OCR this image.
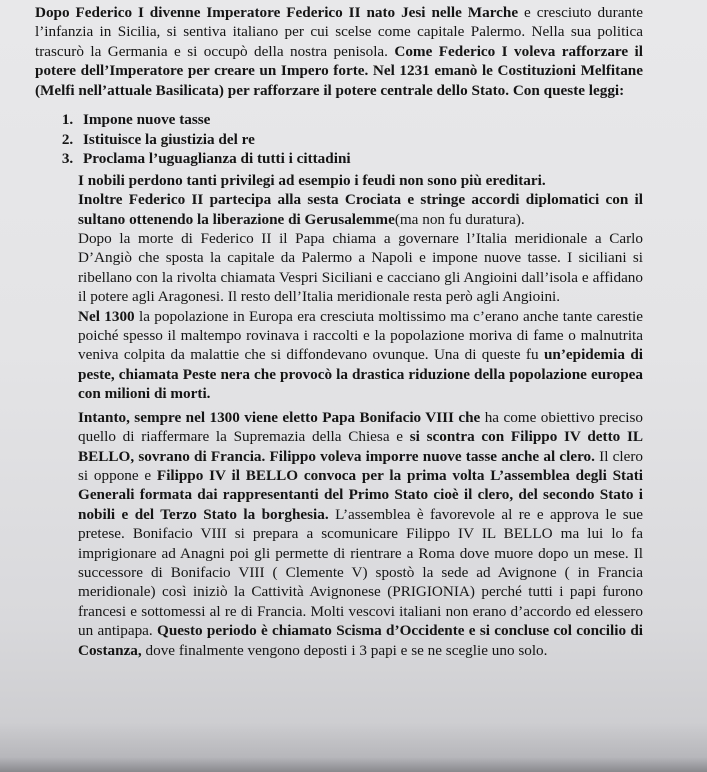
Dopo Federico I divenne Imperatore Federico II nato Jesi nelle Marche e cresciuto durante l’infanzia in Sicilia, si sentiva italiano per cui scelse come capitale Palermo. Nella sua politica trascurò la Germania e si occupò della nostra penisola. Come Federico I voleva rafforzare il potere dell’Imperatore per creare un Impero forte. Nel 1231 emanò le Costituzioni Melfitane (Melfi nell’attuale Basilicata) per rafforzare il potere centrale dello Stato. Con queste leggi:

1. Impone nuove tasse
2. Istituisce la giustizia del re
3. Proclama l’uguaglianza di tutti i cittadini

I nobili perdono tanti privilegi ad esempio i feudi non sono più ereditari.

Inoltre Federico II partecipa alla sesta Crociata e stringe accordi diplomatici con il sultano ottenendo la liberazione di Gerusalemme(ma non fu duratura).

Dopo la morte di Federico II il Papa chiama a governare l’Italia meridionale a Carlo D’Angiò che sposta la capitale da Palermo a Napoli e impone nuove tasse. I siciliani si ribellano con la rivolta chiamata Vespri Siciliani e cacciano gli Angioini dall’isola e affidano il potere agli Aragonesi. Il resto dell’Italia meridionale resta però agli Angioini.

Nel 1300 la popolazione in Europa era cresciuta moltissimo ma c’erano anche tante carestie poiché spesso il maltempo rovinava i raccolti e la popolazione moriva di fame o malnutrita veniva colpita da malattie che si diffondevano ovunque. Una di queste fu un’epidemia di peste, chiamata Peste nera che provocò la drastica riduzione della popolazione europea con milioni di morti.

Intanto, sempre nel 1300 viene eletto Papa Bonifacio VIII che ha come obiettivo preciso quello di riaffermare la Supremazia della Chiesa e si scontra con Filippo IV detto IL BELLO, sovrano di Francia. Filippo voleva imporre nuove tasse anche al clero. Il clero si oppone e Filippo IV il BELLO convoca per la prima volta L’assemblea degli Stati Generali formata dai rappresentanti del Primo Stato cioè il clero, del secondo Stato i nobili e del Terzo Stato la borghesia. L’assemblea è favorevole al re e approva le sue pretese. Bonifacio VIII si prepara a scomunicare Filippo IV IL BELLO ma lui lo fa imprigionare ad Anagni poi gli permette di rientrare a Roma dove muore dopo un mese. Il successore di Bonifacio VIII ( Clemente V) spostò la sede ad Avignone ( in Francia meridionale) così iniziò la Cattività Avignonese (PRIGIONIA) perché tutti i papi furono francesi e sottomessi al re di Francia. Molti vescovi italiani non erano d’accordo ed elessero un antipapa. Questo periodo è chiamato Scisma d’Occidente e si concluse col concilio di Costanza, dove finalmente vengono deposti i 3 papi e se ne sceglie uno solo.
